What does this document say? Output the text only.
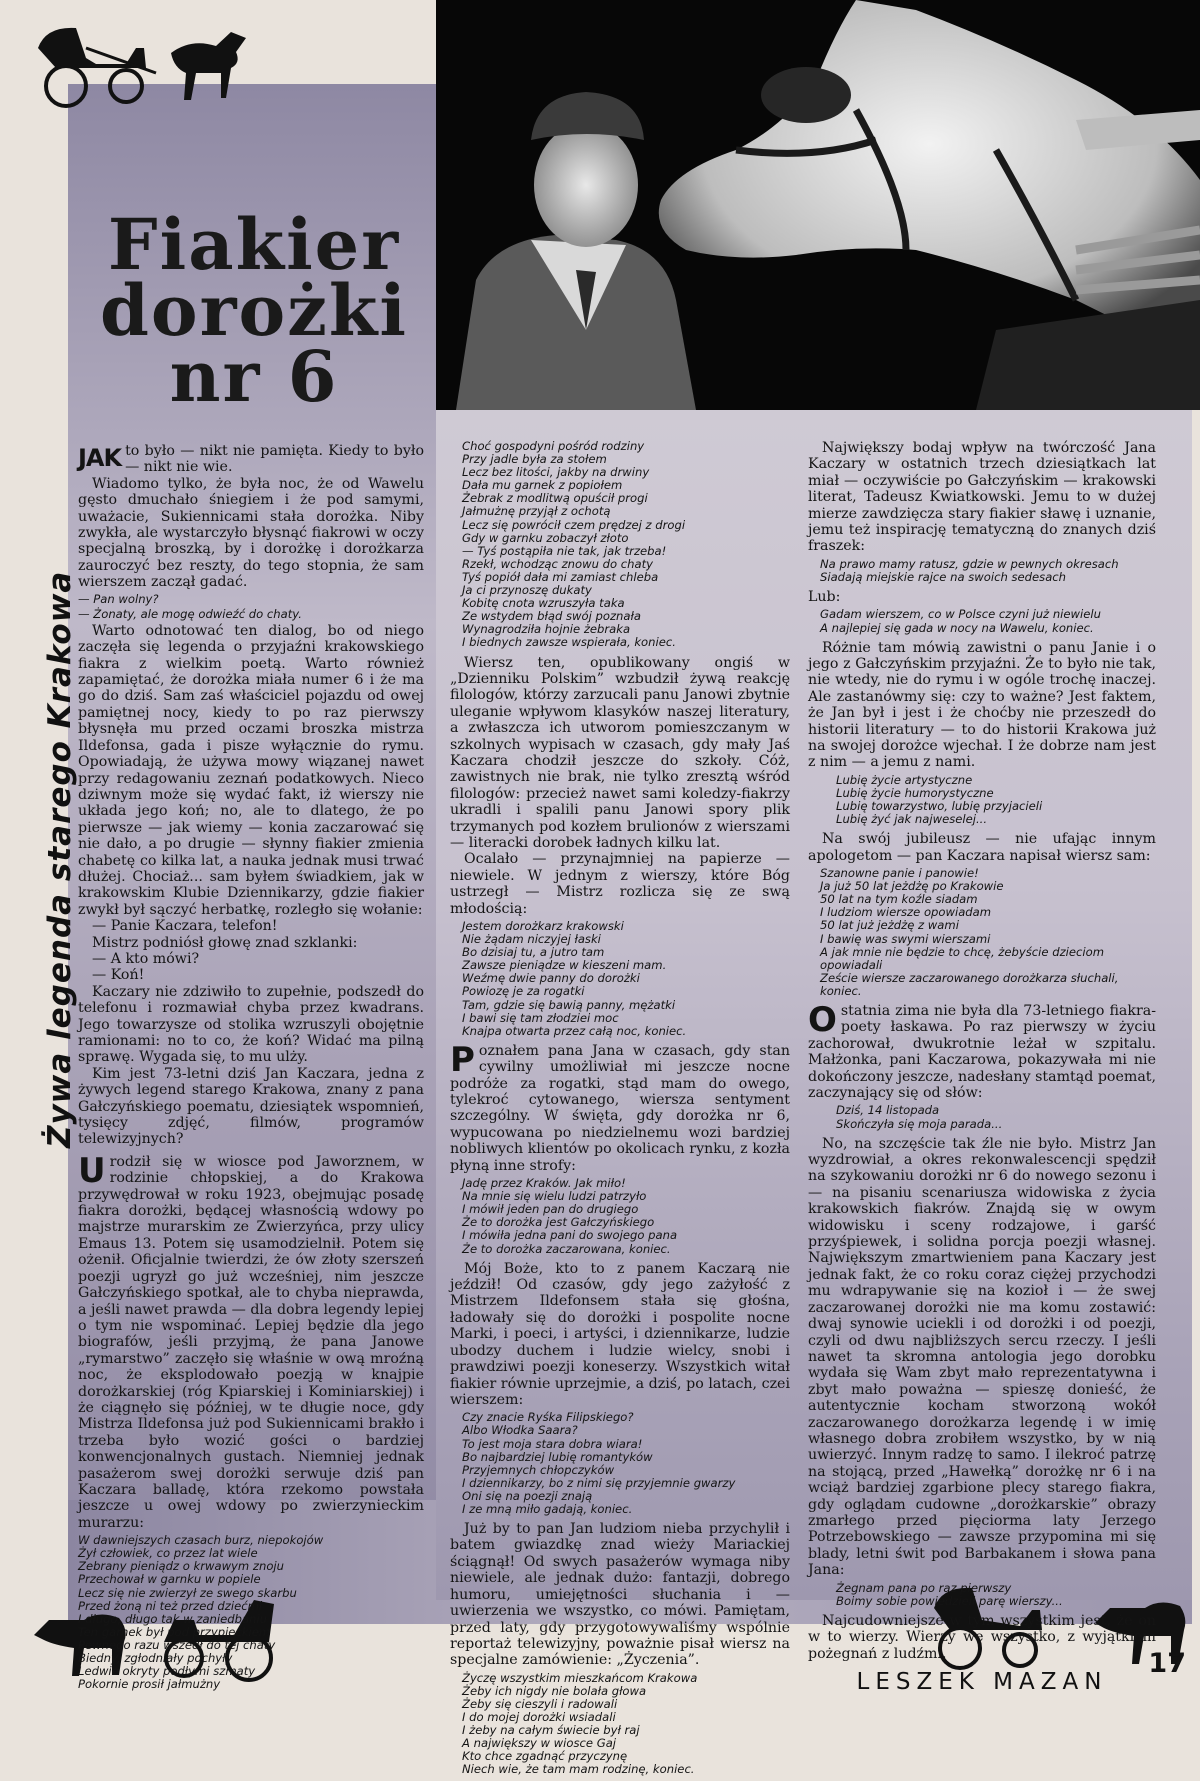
Fiakier dorożki nr 6
Żywa legenda starego Krakowa

JAK to było — nikt nie pamięta. Kiedy to było — nikt nie wie.

Wiadomo tylko, że była noc, że od Wawelu gęsto dmuchało śniegiem i że pod samymi, uważacie, Sukiennicami stała dorożka. Niby zwykła, ale wystarczyło błysnąć fiakrowi w oczy specjalną broszką, by i dorożkę i dorożkarza zauroczyć bez reszty, do tego stopnia, że sam wierszem zaczął gadać.

— Pan wolny?
— Żonaty, ale mogę odwieźć do chaty.

Warto odnotować ten dialog, bo od niego zaczęła się legenda o przyjaźni krakowskiego fiakra z wielkim poetą. Warto również zapamiętać, że dorożka miała numer 6 i że ma go do dziś. Sam zaś właściciel pojazdu od owej pamiętnej nocy, kiedy to po raz pierwszy błysnęła mu przed oczami broszka mistrza Ildefonsa, gada i pisze wyłącznie do rymu. Opowiadają, że używa mowy wiązanej nawet przy redagowaniu zeznań podatkowych. Nieco dziwnym może się wydać fakt, iż wierszy nie układa jego koń; no, ale to dlatego, że po pierwsze — jak wiemy — konia zaczarować się nie dało, a po drugie — słynny fiakier zmienia chabetę co kilka lat, a nauka jednak musi trwać dłużej. Chociaż... sam byłem świadkiem, jak w krakowskim Klubie Dziennikarzy, gdzie fiakier zwykł był sączyć herbatkę, rozległo się wołanie:

— Panie Kaczara, telefon!

Mistrz podniósł głowę znad szklanki:

— A kto mówi?

— Koń!

Kaczary nie zdziwiło to zupełnie, podszedł do telefonu i rozmawiał chyba przez kwadrans. Jego towarzysze od stolika wzruszyli obojętnie ramionami: no to co, że koń? Widać ma pilną sprawę. Wygada się, to mu ulży.

Kim jest 73-letni dziś Jan Kaczara, jedna z żywych legend starego Krakowa, znany z pana Gałczyńskiego poematu, dziesiątek wspomnień, tysięcy zdjęć, filmów, programów telewizyjnych?

Urodził się w wiosce pod Jaworznem, w rodzinie chłopskiej, a do Krakowa przywędrował w roku 1923, obejmując posadę fiakra dorożki, będącej własnością wdowy po majstrze murarskim ze Zwierzyńca, przy ulicy Emaus 13. Potem się usamodzielnił. Potem się ożenił. Oficjalnie twierdzi, że ów złoty szerszeń poezji ugryzł go już wcześniej, nim jeszcze Gałczyńskiego spotkał, ale to chyba nieprawda, a jeśli nawet prawda — dla dobra legendy lepiej o tym nie wspominać. Lepiej będzie dla jego biografów, jeśli przyjmą, że pana Janowe „rymarstwo” zaczęło się właśnie w ową mroźną noc, że eksplodowało poezją w knajpie dorożkarskiej (róg Kpiarskiej i Kominiarskiej) i że ciągnęło się później, w te długie noce, gdy Mistrza Ildefonsa już pod Sukiennicami brakło i trzeba było wozić gości o bardziej konwencjonalnych gustach. Niemniej jednak pasażerom swej dorożki serwuje dziś pan Kaczara balladę, która rzekomo powstała jeszcze u owej wdowy po zwierzynieckim murarzu:

W dawniejszych czasach burz, niepokojów
Żył człowiek, co przez lat wiele
Zebrany pieniądz o krwawym znoju
Przechował w garnku w popiele
Lecz się nie zwierzył ze swego skarbu
Przed żoną ni też przed dziećmi
I długo, długo tak w zaniedbaniu
Ten garnek był pod przypieckiem
Pewnego razu wszedł do tej chaty
Biedny, zgłodniały pochyły
Ledwie okryty podłymi szmaty
Pokornie prosił jałmużny
Choć gospodyni pośród rodziny
Przy jadle była za stołem
Lecz bez litości, jakby na drwiny
Dała mu garnek z popiołem
Żebrak z modlitwą opuścił progi
Jałmużnę przyjął z ochotą
Lecz się powrócił czem prędzej z drogi
Gdy w garnku zobaczył złoto
— Tyś postąpiła nie tak, jak trzeba!
Rzekł, wchodząc znowu do chaty
Tyś popiół dała mi zamiast chleba
Ja ci przynoszę dukaty
Kobitę cnota wzruszyła taka
Ze wstydem błąd swój poznała
Wynagrodziła hojnie żebraka
I biednych zawsze wspierała, koniec.

Wiersz ten, opublikowany ongiś w „Dzienniku Polskim” wzbudził żywą reakcję filologów, którzy zarzucali panu Janowi zbytnie uleganie wpływom klasyków naszej literatury, a zwłaszcza ich utworom pomieszczanym w szkolnych wypisach w czasach, gdy mały Jaś Kaczara chodził jeszcze do szkoły. Cóż, zawistnych nie brak, nie tylko zresztą wśród filologów: przecież nawet sami koledzy-fiakrzy ukradli i spalili panu Janowi spory plik trzymanych pod kozłem brulionów z wierszami — literacki dorobek ładnych kilku lat.

Ocalało — przynajmniej na papierze — niewiele. W jednym z wierszy, które Bóg ustrzegł — Mistrz rozlicza się ze swą młodością:

Jestem dorożkarz krakowski
Nie żądam niczyjej łaski
Bo dzisiaj tu, a jutro tam
Zawsze pieniądze w kieszeni mam.
Weźmę dwie panny do dorożki
Powiozę je za rogatki
Tam, gdzie się bawią panny, mężatki
I bawi się tam złodziei moc
Knajpa otwarta przez całą noc, koniec.

Poznałem pana Jana w czasach, gdy stan cywilny umożliwiał mi jeszcze nocne podróże za rogatki, stąd mam do owego, tylekroć cytowanego, wiersza sentyment szczególny. W święta, gdy dorożka nr 6, wypucowana po niedzielnemu wozi bardziej nobliwych klientów po okolicach rynku, z kozła płyną inne strofy:

Jadę przez Kraków. Jak miło!
Na mnie się wielu ludzi patrzyło
I mówił jeden pan do drugiego
Że to dorożka jest Gałczyńskiego
I mówiła jedna pani do swojego pana
Że to dorożka zaczarowana, koniec.

Mój Boże, kto to z panem Kaczarą nie jeździł! Od czasów, gdy jego zażyłość z Mistrzem Ildefonsem stała się głośna, ładowały się do dorożki i pospolite nocne Marki, i poeci, i artyści, i dziennikarze, ludzie ubodzy duchem i ludzie wielcy, snobi i prawdziwi poezji koneserzy. Wszystkich witał fiakier równie uprzejmie, a dziś, po latach, czei wierszem:

Czy znacie Ryśka Filipskiego?
Albo Włodka Saara?
To jest moja stara dobra wiara!
Bo najbardziej lubię romantyków
Przyjemnych chłopczyków
I dziennikarzy, bo z nimi się przyjemnie gwarzy
Oni się na poezji znają
I ze mną miło gadają, koniec.

Już by to pan Jan ludziom nieba przychylił i batem gwiazdkę znad wieży Mariackiej ściągnął! Od swych pasażerów wymaga niby niewiele, ale jednak dużo: fantazji, dobrego humoru, umiejętności słuchania i — uwierzenia we wszystko, co mówi. Pamiętam, przed laty, gdy przygotowywaliśmy wspólnie reportaż telewizyjny, poważnie pisał wiersz na specjalne zamówienie: „Życzenia”.

Życzę wszystkim mieszkańcom Krakowa
Żeby ich nigdy nie bolała głowa
Żeby się cieszyli i radowali
I do mojej dorożki wsiadali
I żeby na całym świecie był raj
A największy w wiosce Gaj
Kto chce zgadnąć przyczynę
Niech wie, że tam mam rodzinę, koniec.

Największy bodaj wpływ na twórczość Jana Kaczary w ostatnich trzech dziesiątkach lat miał — oczywiście po Gałczyńskim — krakowski literat, Tadeusz Kwiatkowski. Jemu to w dużej mierze zawdzięcza stary fiakier sławę i uznanie, jemu też inspirację tematyczną do znanych dziś fraszek:

Na prawo mamy ratusz, gdzie w pewnych okresach
Siadają miejskie rajce na swoich sedesach

Lub:

Gadam wierszem, co w Polsce czyni już niewielu
A najlepiej się gada w nocy na Wawelu, koniec.

Różnie tam mówią zawistni o panu Janie i o jego z Gałczyńskim przyjaźni. Że to było nie tak, nie wtedy, nie do rymu i w ogóle trochę inaczej. Ale zastanówmy się: czy to ważne? Jest faktem, że Jan był i jest i że choćby nie przeszedł do historii literatury — to do historii Krakowa już na swojej dorożce wjechał. I że dobrze nam jest z nim — a jemu z nami.

Lubię życie artystyczne
Lubię życie humorystyczne
Lubię towarzystwo, lubię przyjacieli
Lubię żyć jak najweselej...

Na swój jubileusz — nie ufając innym apologetom — pan Kaczara napisał wiersz sam:

Szanowne panie i panowie!
Ja już 50 lat jeżdżę po Krakowie
50 lat na tym koźle siadam
I ludziom wiersze opowiadam
50 lat już jeżdżę z wami
I bawię was swymi wierszami
A jak mnie nie będzie to chcę, żebyście dzieciom opowiadali
Zeście wiersze zaczarowanego dorożkarza słuchali, koniec.

Ostatnia zima nie była dla 73-letniego fiakra-poety łaskawa. Po raz pierwszy w życiu zachorował, dwukrotnie leżał w szpitalu. Małżonka, pani Kaczarowa, pokazywała mi nie dokończony jeszcze, nadesłany stamtąd poemat, zaczynający się od słów:

Dziś, 14 listopada
Skończyła się moja parada...

No, na szczęście tak źle nie było. Mistrz Jan wyzdrowiał, a okres rekonwalescencji spędził na szykowaniu dorożki nr 6 do nowego sezonu i — na pisaniu scenariusza widowiska z życia krakowskich fiakrów. Znajdą się w owym widowisku i sceny rodzajowe, i garść przyśpiewek, i solidna porcja poezji własnej. Największym zmartwieniem pana Kaczary jest jednak fakt, że co roku coraz ciężej przychodzi mu wdrapywanie się na kozioł i — że swej zaczarowanej dorożki nie ma komu zostawić: dwaj synowie uciekli i od dorożki i od poezji, czyli od dwu najbliższych sercu rzeczy. I jeśli nawet ta skromna antologia jego dorobku wydała się Wam zbyt mało reprezentatywna i zbyt mało poważna — spieszę donieść, że autentycznie kocham stworzoną wokół zaczarowanego dorożkarza legendę i w imię własnego dobra zrobiłem wszystko, by w nią uwierzyć. Innym radzę to samo. I ilekroć patrzę na stojącą, przed „Hawełką” dorożkę nr 6 i na wciąż bardziej zgarbione plecy starego fiakra, gdy oglądam cudowne „dorożkarskie” obrazy zmarłego przed pięciorma laty Jerzego Potrzebowskiego — zawsze przypomina mi się blady, letni świt pod Barbakanem i słowa pana Jana:

Żegnam pana po raz pierwszy
Boimy sobie powiedzieli parę wierszy...

Najcudowniejsze w tym wszystkim jest, że on w to wierzy. Wierzy we wszystko, z wyjątkiem pożegnań z ludźmi.

LESZEK MAZAN
17
